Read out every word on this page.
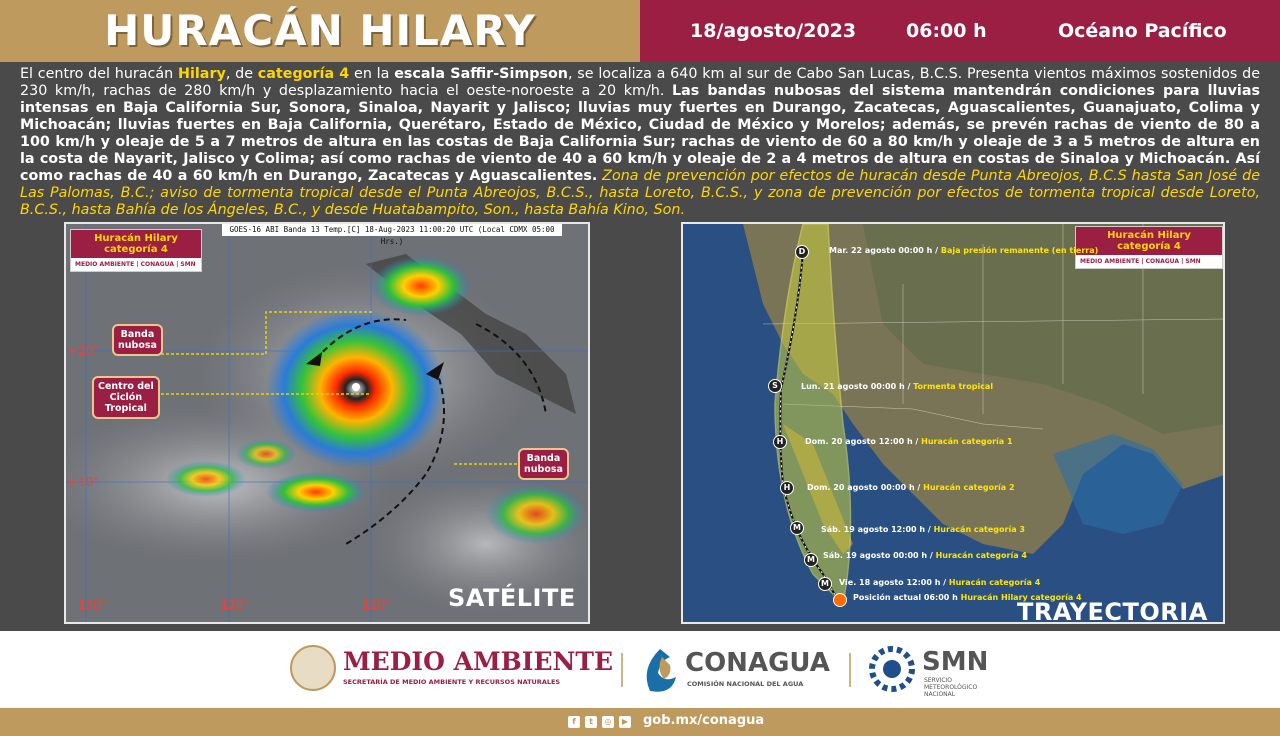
HURACÁN HILARY	18/agosto/2023	06:00 h	Océano Pacífico
El centro del huracán Hilary, de categoría 4 en la escala Saffir-Simpson, se localiza a 640 km al sur de Cabo San Lucas, B.C.S. Presenta vientos máximos sostenidos de 230 km/h, rachas de 280 km/h y desplazamiento hacia el oeste-noroeste a 20 km/h. Las bandas nubosas del sistema mantendrán condiciones para lluvias intensas en Baja California Sur, Sonora, Sinaloa, Nayarit y Jalisco; lluvias muy fuertes en Durango, Zacatecas, Aguascalientes, Guanajuato, Colima y Michoacán; lluvias fuertes en Baja California, Querétaro, Estado de México, Ciudad de México y Morelos; además, se prevén rachas de viento de 80 a 100 km/h y oleaje de 5 a 7 metros de altura en las costas de Baja California Sur; rachas de viento de 60 a 80 km/h y oleaje de 3 a 5 metros de altura en la costa de Nayarit, Jalisco y Colima; así como rachas de viento de 40 a 60 km/h y oleaje de 2 a 4 metros de altura en costas de Sinaloa y Michoacán. Así como rachas de 40 a 60 km/h en Durango, Zacatecas y Aguascalientes. Zona de prevención por efectos de huracán desde Punta Abreojos, B.C.S hasta San José de Las Palomas, B.C.; aviso de tormenta tropical desde el Punta Abreojos, B.C.S., hasta Loreto, B.C.S., y zona de prevención por efectos de tormenta tropical desde Loreto, B.C.S., hasta Bahía de los Ángeles, B.C., y desde Huatabampito, Son., hasta Bahía Kino, Son.
GOES-16 ABI Banda 13 Temp.[C] 18-Aug-2023 11:00:20 UTC (Local CDMX 05:00 Hrs.)
Huracán Hilary
categoría 4
MEDIO AMBIENTE | CONAGUA | SMN
Banda
nubosa
Centro del
Ciclón
Tropical
Banda
nubosa
+20°
+10°
-130°	-120°	-110° SATÉLITE
Huracán Hilary
categoría 4
MEDIO AMBIENTE | CONAGUA | SMN
D	Mar. 22 agosto 00:00 h / Baja presión remanente (en tierra)
S	Lun. 21 agosto 00:00 h / Tormenta tropical
H	Dom. 20 agosto 12:00 h / Huracán categoría 1
H	Dom. 20 agosto 00:00 h / Huracán categoría 2
M	Sáb. 19 agosto 12:00 h / Huracán categoría 3
M	Sáb. 19 agosto 00:00 h / Huracán categoría 4
M	Vie. 18 agosto 12:00 h / Huracán categoría 4
Posición actual 06:00 h Huracán Hilary categoría 4
TRAYECTORIA
MEDIO AMBIENTE
SECRETARÍA DE MEDIO AMBIENTE Y RECURSOS NATURALES
CONAGUA
COMISIÓN NACIONAL DEL AGUA
SMN
SERVICIO
METEOROLÓGICO
NACIONAL
f	t	◎	▶ gob.mx/conagua
